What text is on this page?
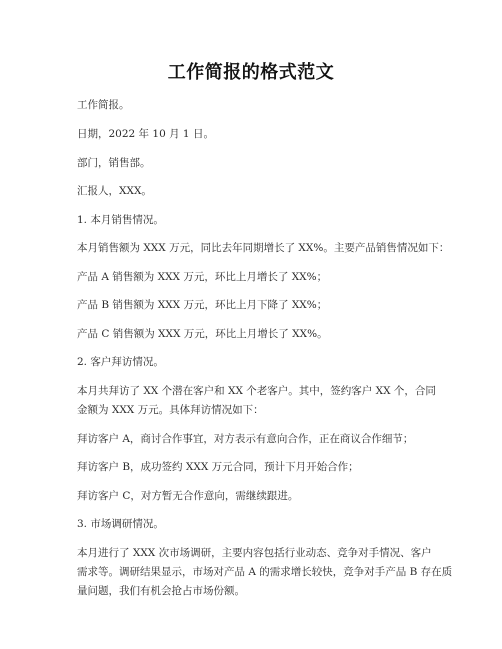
工作简报的格式范文
工作简报。
日期，2022 年 10 月 1 日。
部门，销售部。
汇报人，XXX。
1. 本月销售情况。
本月销售额为 XXX 万元，同比去年同期增长了 XX%。主要产品销售情况如下：
产品 A 销售额为 XXX 万元，环比上月增长了 XX%；
产品 B 销售额为 XXX 万元，环比上月下降了 XX%；
产品 C 销售额为 XXX 万元，环比上月增长了 XX%。
2. 客户拜访情况。
本月共拜访了 XX 个潜在客户和 XX 个老客户。其中，签约客户 XX 个，合同
金额为 XXX 万元。具体拜访情况如下：
拜访客户 A，商讨合作事宜，对方表示有意向合作，正在商议合作细节；
拜访客户 B，成功签约 XXX 万元合同，预计下月开始合作；
拜访客户 C，对方暂无合作意向，需继续跟进。
3. 市场调研情况。
本月进行了 XXX 次市场调研，主要内容包括行业动态、竞争对手情况、客户
需求等。调研结果显示，市场对产品 A 的需求增长较快，竞争对手产品 B 存在质
量问题，我们有机会抢占市场份额。
